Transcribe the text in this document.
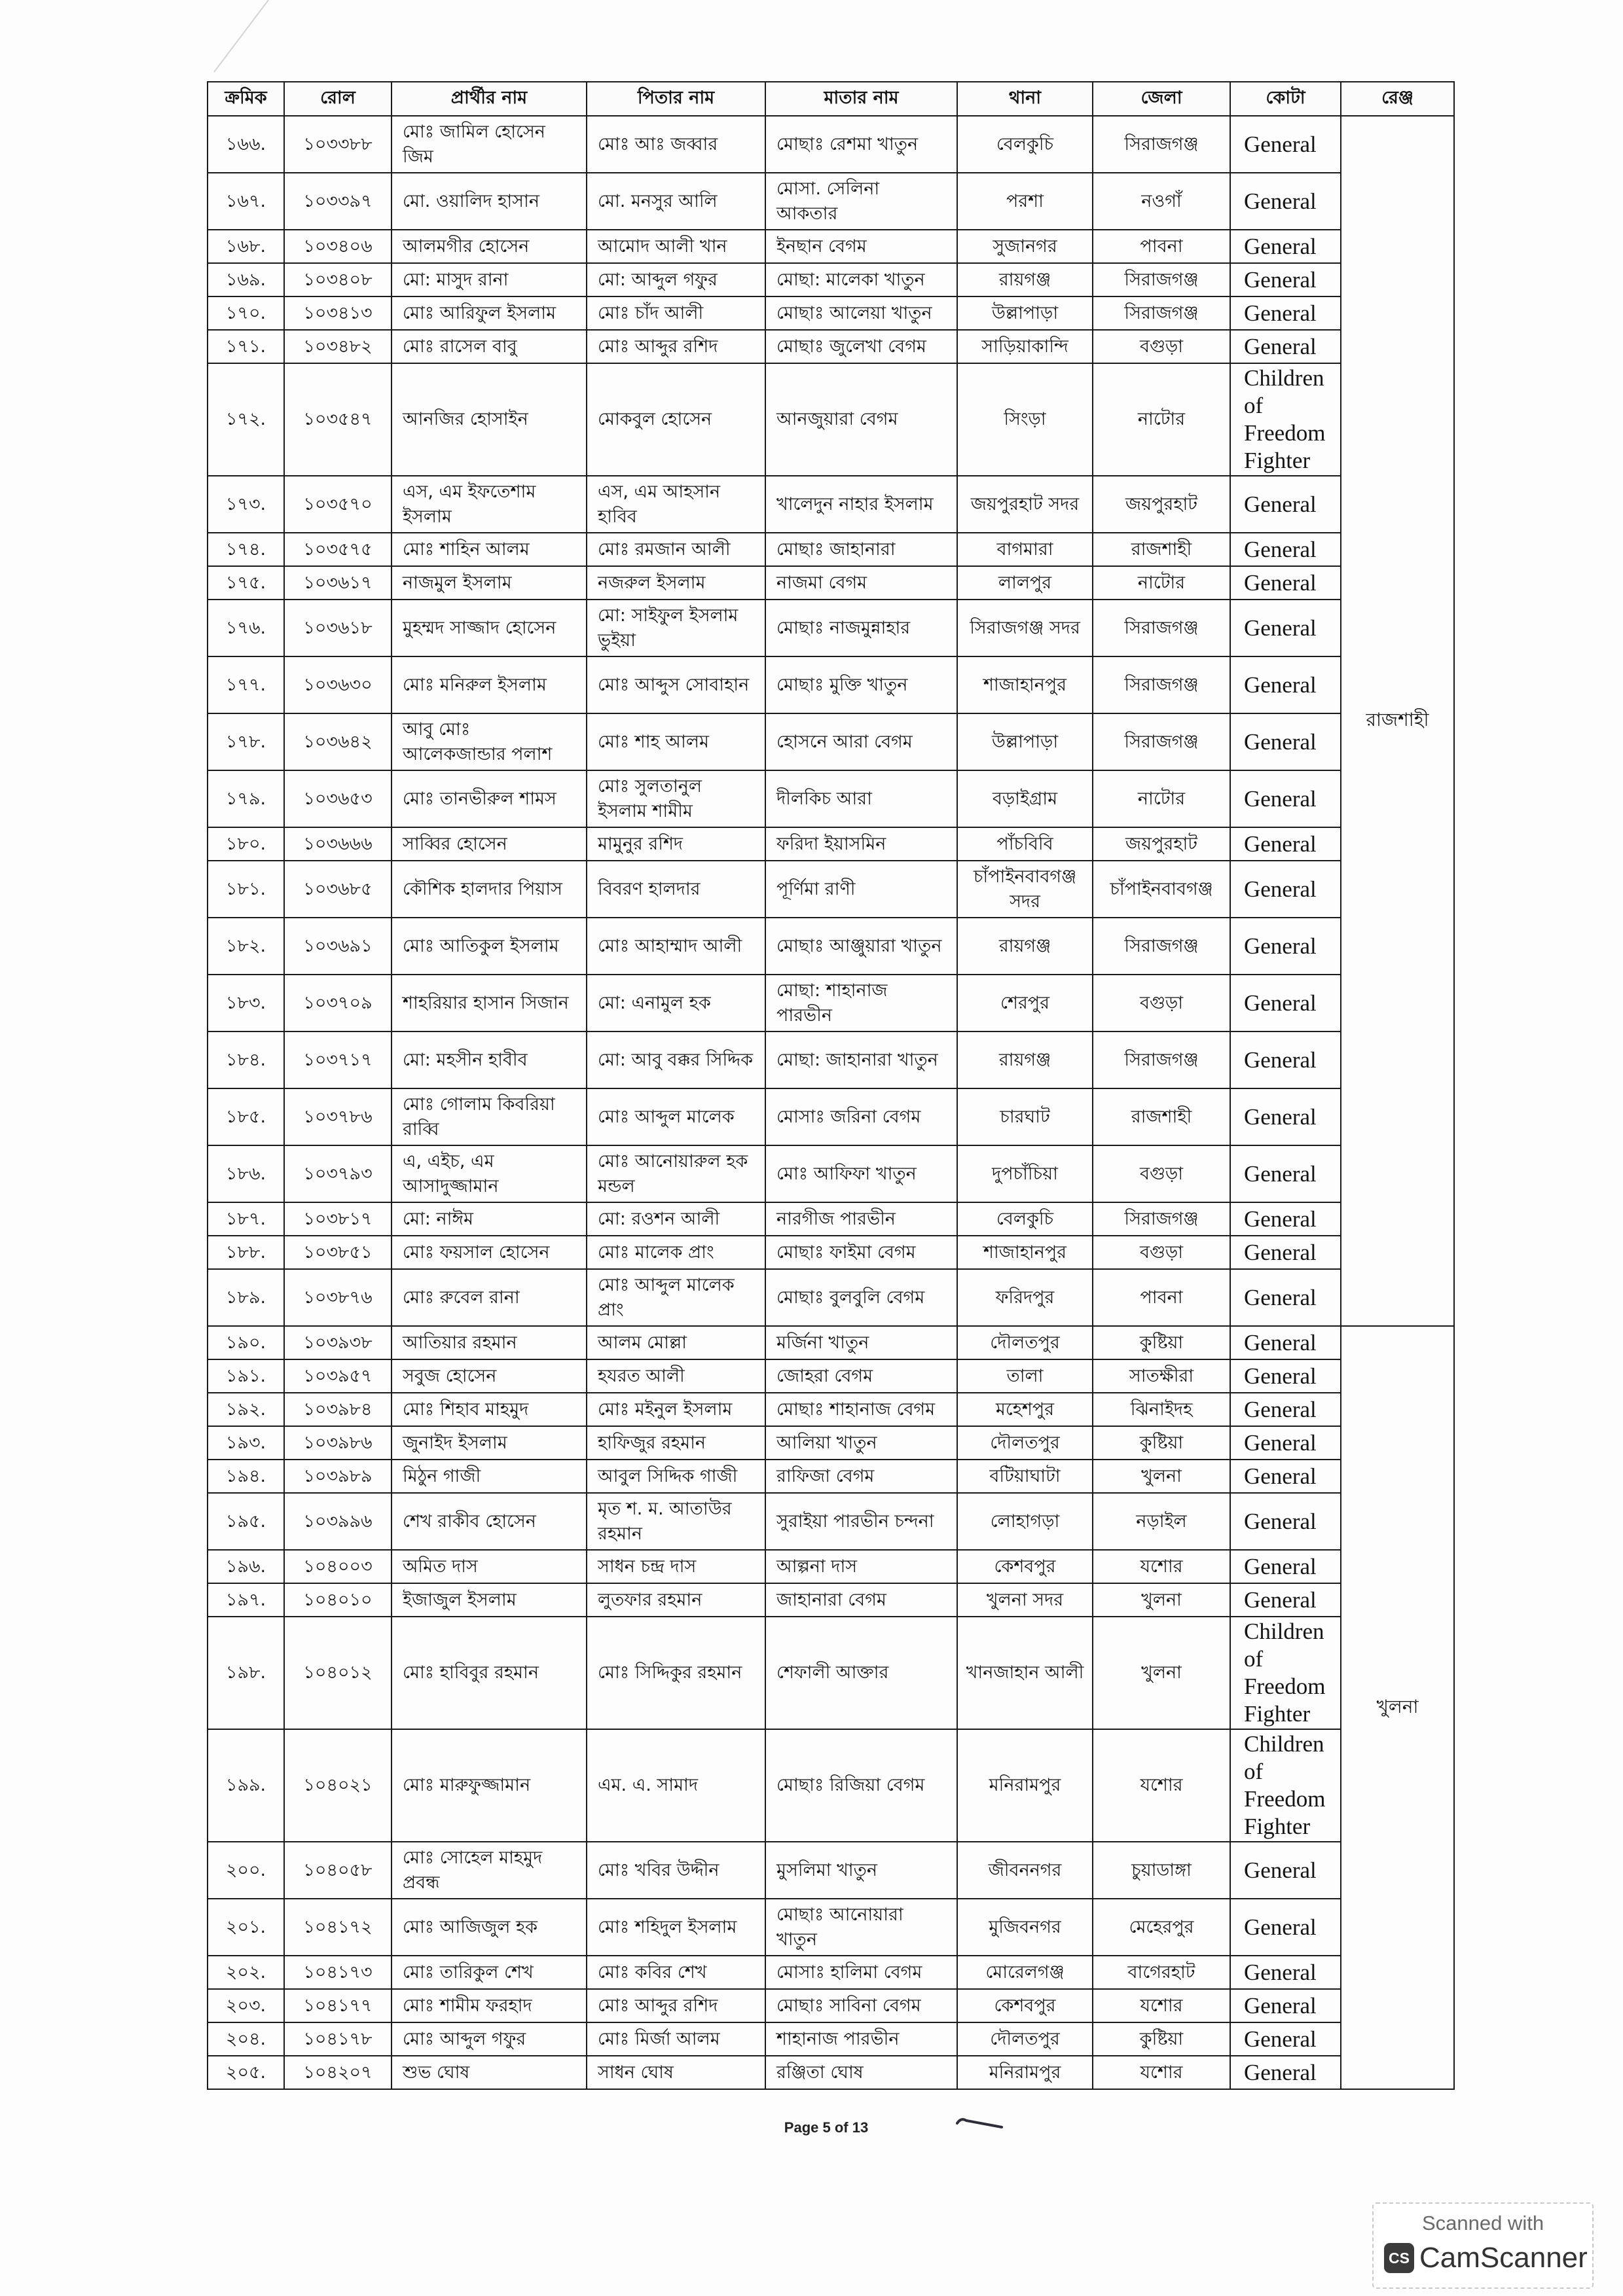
ক্রমিক	রোল	প্রার্থীর নাম	পিতার নাম	মাতার নাম	থানা	জেলা	কোটা	রেঞ্জ

১৬৬.	১০৩৩৮৮	মোঃ জামিল হোসেন জিম	মোঃ আঃ জব্বার	মোছাঃ রেশমা খাতুন	বেলকুচি	সিরাজগঞ্জ	General	রাজশাহী

১৬৭.	১০৩৩৯৭	মো. ওয়ালিদ হাসান	মো. মনসুর আলি	মোসা. সেলিনা আকতার	পরশা	নওগাঁ	General	

১৬৮.	১০৩৪০৬	আলমগীর হোসেন	আমোদ আলী খান	ইনছান বেগম	সুজানগর	পাবনা	General	

১৬৯.	১০৩৪০৮	মো: মাসুদ রানা	মো: আব্দুল গফুর	মোছা: মালেকা খাতুন	রায়গঞ্জ	সিরাজগঞ্জ	General	

১৭০.	১০৩৪১৩	মোঃ আরিফুল ইসলাম	মোঃ চাঁদ আলী	মোছাঃ আলেয়া খাতুন	উল্লাপাড়া	সিরাজগঞ্জ	General	

১৭১.	১০৩৪৮২	মোঃ রাসেল বাবু	মোঃ আব্দুর রশিদ	মোছাঃ জুলেখা বেগম	সাড়িয়াকান্দি	বগুড়া	General	

১৭২.	১০৩৫৪৭	আনজির হোসাইন	মোকবুল হোসেন	আনজুয়ারা বেগম	সিংড়া	নাটোর	Children of Freedom Fighter	

১৭৩.	১০৩৫৭০	এস, এম ইফতেশাম ইসলাম	এস, এম আহসান হাবিব	খালেদুন নাহার ইসলাম	জয়পুরহাট সদর	জয়পুরহাট	General	

১৭৪.	১০৩৫৭৫	মোঃ শাহিন আলম	মোঃ রমজান আলী	মোছাঃ জাহানারা	বাগমারা	রাজশাহী	General	

১৭৫.	১০৩৬১৭	নাজমুল ইসলাম	নজরুল ইসলাম	নাজমা বেগম	লালপুর	নাটোর	General	

১৭৬.	১০৩৬১৮	মুহম্মদ সাজ্জাদ হোসেন	মো: সাইফুল ইসলাম ভুইয়া	মোছাঃ নাজমুন্নাহার	সিরাজগঞ্জ সদর	সিরাজগঞ্জ	General	

১৭৭.	১০৩৬৩০	মোঃ মনিরুল ইসলাম	মোঃ আব্দুস সোবাহান	মোছাঃ মুক্তি খাতুন	শাজাহানপুর	সিরাজগঞ্জ	General	

১৭৮.	১০৩৬৪২	আবু মোঃ আলেকজান্ডার পলাশ	মোঃ শাহ আলম	হোসনে আরা বেগম	উল্লাপাড়া	সিরাজগঞ্জ	General	

১৭৯.	১০৩৬৫৩	মোঃ তানভীরুল শামস	মোঃ সুলতানুল ইসলাম শামীম	দীলকিচ আরা	বড়াইগ্রাম	নাটোর	General	

১৮০.	১০৩৬৬৬	সাব্বির হোসেন	মামুনুর রশিদ	ফরিদা ইয়াসমিন	পাঁচবিবি	জয়পুরহাট	General	

১৮১.	১০৩৬৮৫	কৌশিক হালদার পিয়াস	বিবরণ হালদার	পূর্ণিমা রাণী	চাঁপাইনবাবগঞ্জ সদর	চাঁপাইনবাবগঞ্জ	General	

১৮২.	১০৩৬৯১	মোঃ আতিকুল ইসলাম	মোঃ আহাম্মাদ আলী	মোছাঃ আঞ্জুয়ারা খাতুন	রায়গঞ্জ	সিরাজগঞ্জ	General	

১৮৩.	১০৩৭০৯	শাহরিয়ার হাসান সিজান	মো: এনামুল হক	মোছা: শাহানাজ পারভীন	শেরপুর	বগুড়া	General	

১৮৪.	১০৩৭১৭	মো: মহসীন হাবীব	মো: আবু বক্কর সিদ্দিক	মোছা: জাহানারা খাতুন	রায়গঞ্জ	সিরাজগঞ্জ	General	

১৮৫.	১০৩৭৮৬	মোঃ গোলাম কিবরিয়া রাব্বি	মোঃ আব্দুল মালেক	মোসাঃ জরিনা বেগম	চারঘাট	রাজশাহী	General	

১৮৬.	১০৩৭৯৩	এ, এইচ, এম আসাদুজ্জামান	মোঃ আনোয়ারুল হক মন্ডল	মোঃ আফিফা খাতুন	দুপচাঁচিয়া	বগুড়া	General	

১৮৭.	১০৩৮১৭	মো: নাঈম	মো: রওশন আলী	নারগীজ পারভীন	বেলকুচি	সিরাজগঞ্জ	General	

১৮৮.	১০৩৮৫১	মোঃ ফয়সাল হোসেন	মোঃ মালেক প্রাং	মোছাঃ ফাইমা বেগম	শাজাহানপুর	বগুড়া	General	

১৮৯.	১০৩৮৭৬	মোঃ রুবেল রানা	মোঃ আব্দুল মালেক প্রাং	মোছাঃ বুলবুলি বেগম	ফরিদপুর	পাবনা	General	

১৯০.	১০৩৯৩৮	আতিয়ার রহমান	আলম মোল্লা	মর্জিনা খাতুন	দৌলতপুর	কুষ্টিয়া	General	খুলনা

১৯১.	১০৩৯৫৭	সবুজ হোসেন	হযরত আলী	জোহরা বেগম	তালা	সাতক্ষীরা	General	

১৯২.	১০৩৯৮৪	মোঃ শিহাব মাহমুদ	মোঃ মইনুল ইসলাম	মোছাঃ শাহানাজ বেগম	মহেশপুর	ঝিনাইদহ	General	

১৯৩.	১০৩৯৮৬	জুনাইদ ইসলাম	হাফিজুর রহমান	আলিয়া খাতুন	দৌলতপুর	কুষ্টিয়া	General	

১৯৪.	১০৩৯৮৯	মিঠুন গাজী	আবুল সিদ্দিক গাজী	রাফিজা বেগম	বটিয়াঘাটা	খুলনা	General	

১৯৫.	১০৩৯৯৬	শেখ রাকীব হোসেন	মৃত শ. ম. আতাউর রহমান	সুরাইয়া পারভীন চন্দনা	লোহাগড়া	নড়াইল	General	

১৯৬.	১০৪০০৩	অমিত দাস	সাধন চন্দ্র দাস	আল্পনা দাস	কেশবপুর	যশোর	General	

১৯৭.	১০৪০১০	ইজাজুল ইসলাম	লুতফার রহমান	জাহানারা বেগম	খুলনা সদর	খুলনা	General	

১৯৮.	১০৪০১২	মোঃ হাবিবুর রহমান	মোঃ সিদ্দিকুর রহমান	শেফালী আক্তার	খানজাহান আলী	খুলনা	Children of Freedom Fighter	

১৯৯.	১০৪০২১	মোঃ মারুফুজ্জামান	এম. এ. সামাদ	মোছাঃ রিজিয়া বেগম	মনিরামপুর	যশোর	Children of Freedom Fighter	

২০০.	১০৪০৫৮	মোঃ সোহেল মাহমুদ প্রবন্ধ	মোঃ খবির উদ্দীন	মুসলিমা খাতুন	জীবননগর	চুয়াডাঙ্গা	General	

২০১.	১০৪১৭২	মোঃ আজিজুল হক	মোঃ শহিদুল ইসলাম	মোছাঃ আনোয়ারা খাতুন	মুজিবনগর	মেহেরপুর	General	

২০২.	১০৪১৭৩	মোঃ তারিকুল শেখ	মোঃ কবির শেখ	মোসাঃ হালিমা বেগম	মোরেলগঞ্জ	বাগেরহাট	General	

২০৩.	১০৪১৭৭	মোঃ শামীম ফরহাদ	মোঃ আব্দুর রশিদ	মোছাঃ সাবিনা বেগম	কেশবপুর	যশোর	General	

২০৪.	১০৪১৭৮	মোঃ আব্দুল গফুর	মোঃ মির্জা আলম	শাহানাজ পারভীন	দৌলতপুর	কুষ্টিয়া	General	

২০৫.	১০৪২০৭	শুভ ঘোষ	সাধন ঘোষ	রঞ্জিতা ঘোষ	মনিরামপুর	যশোর	General	
Page 5 of 13
Scanned with
CS CamScanner
